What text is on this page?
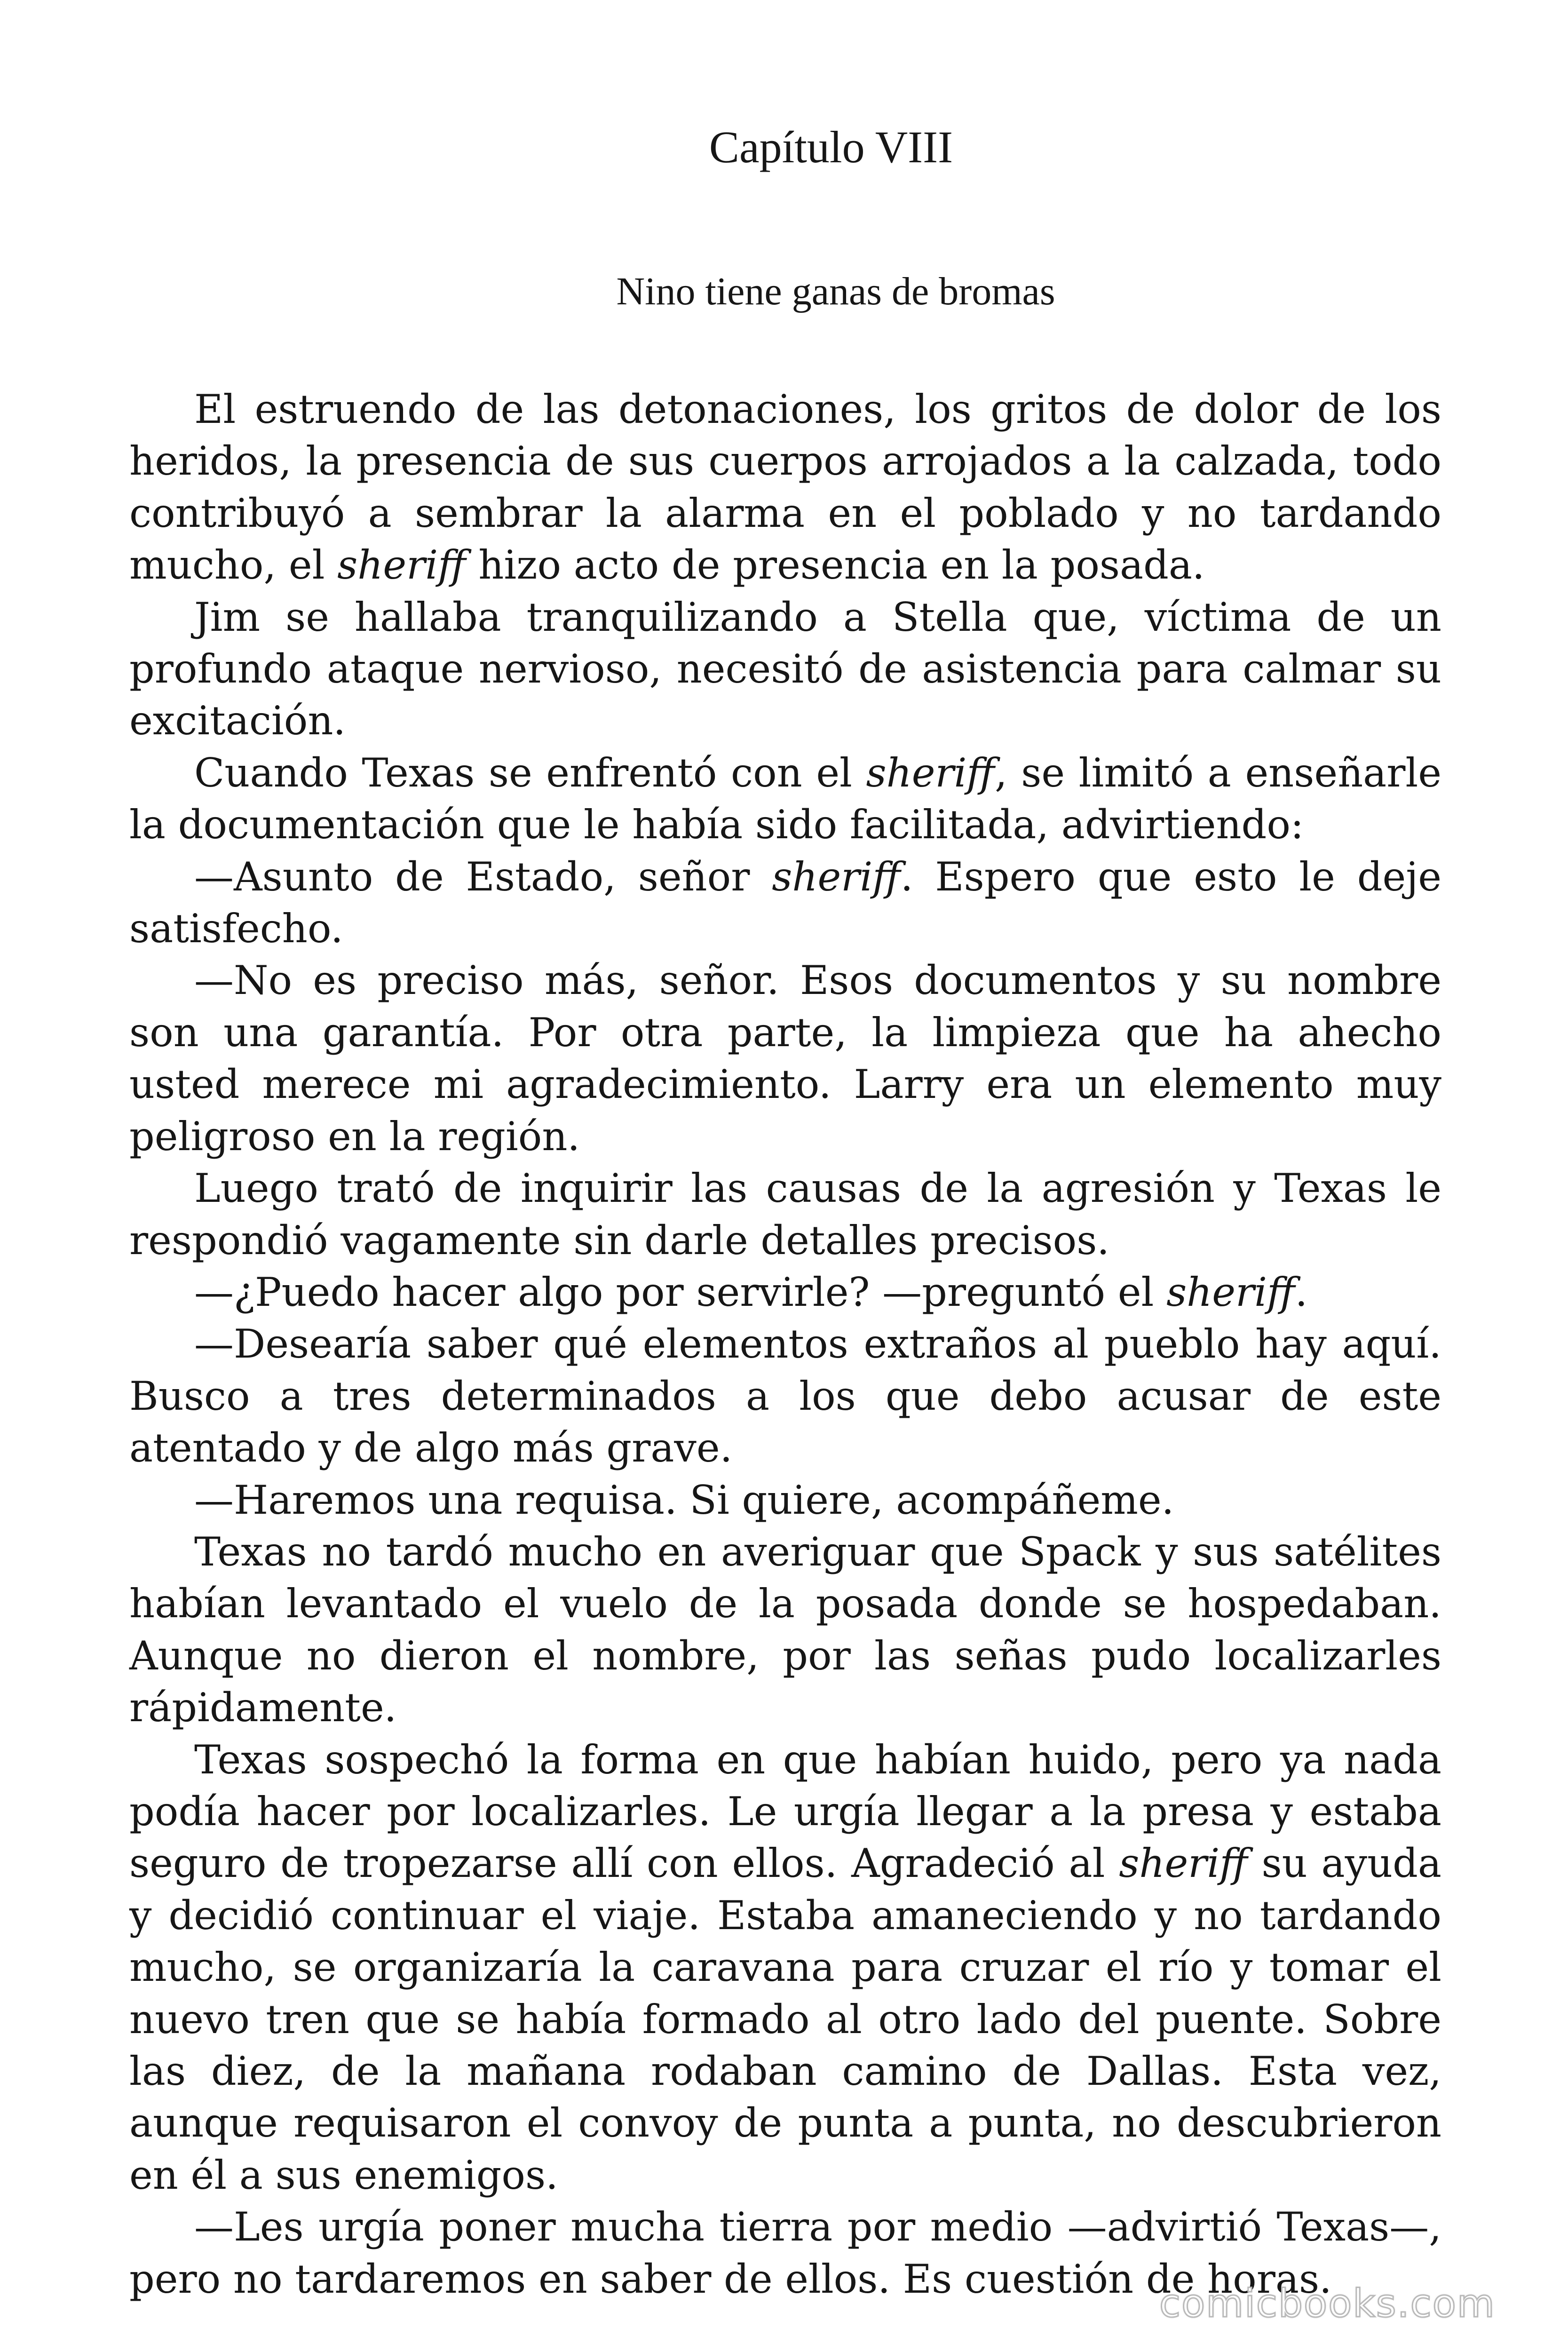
Capítulo VIII
Nino tiene ganas de bromas

El estruendo de las detonaciones, los gritos de dolor de los heridos, la presencia de sus cuerpos arrojados a la calzada, todo contribuyó a sembrar la alarma en el poblado y no tardando mucho, el sheriff hizo acto de presencia en la posada.

Jim se hallaba tranquilizando a Stella que, víctima de un profundo ataque nervioso, necesitó de asistencia para calmar su excitación.

Cuando Texas se enfrentó con el sheriff, se limitó a enseñarle la documentación que le había sido facilitada, advirtiendo:

—Asunto de Estado, señor sheriff. Espero que esto le deje satisfecho.

—No es preciso más, señor. Esos documentos y su nombre son una garantía. Por otra parte, la limpieza que ha ahecho usted merece mi agradecimiento. Larry era un elemento muy peligroso en la región.

Luego trató de inquirir las causas de la agresión y Texas le respondió vagamente sin darle detalles precisos.

—¿Puedo hacer algo por servirle? —preguntó el sheriff.

—Desearía saber qué elementos extraños al pueblo hay aquí. Busco a tres determinados a los que debo acusar de este atentado y de algo más grave.

—Haremos una requisa. Si quiere, acompáñeme.

Texas no tardó mucho en averiguar que Spack y sus satélites habían levantado el vuelo de la posada donde se hospedaban. Aunque no dieron el nombre, por las señas pudo localizarles rápidamente.

Texas sospechó la forma en que habían huido, pero ya nada podía hacer por localizarles. Le urgía llegar a la presa y estaba seguro de tropezarse allí con ellos. Agradeció al sheriff su ayuda y decidió continuar el viaje. Estaba amaneciendo y no tardando mucho, se organizaría la caravana para cruzar el río y tomar el nuevo tren que se había formado al otro lado del puente. Sobre las diez, de la mañana rodaban camino de Dallas. Esta vez, aunque requisaron el convoy de punta a punta, no descubrieron en él a sus enemigos.

—Les urgía poner mucha tierra por medio —advirtió Texas—, pero no tardaremos en saber de ellos. Es cuestión de horas.

comicbooks.com
